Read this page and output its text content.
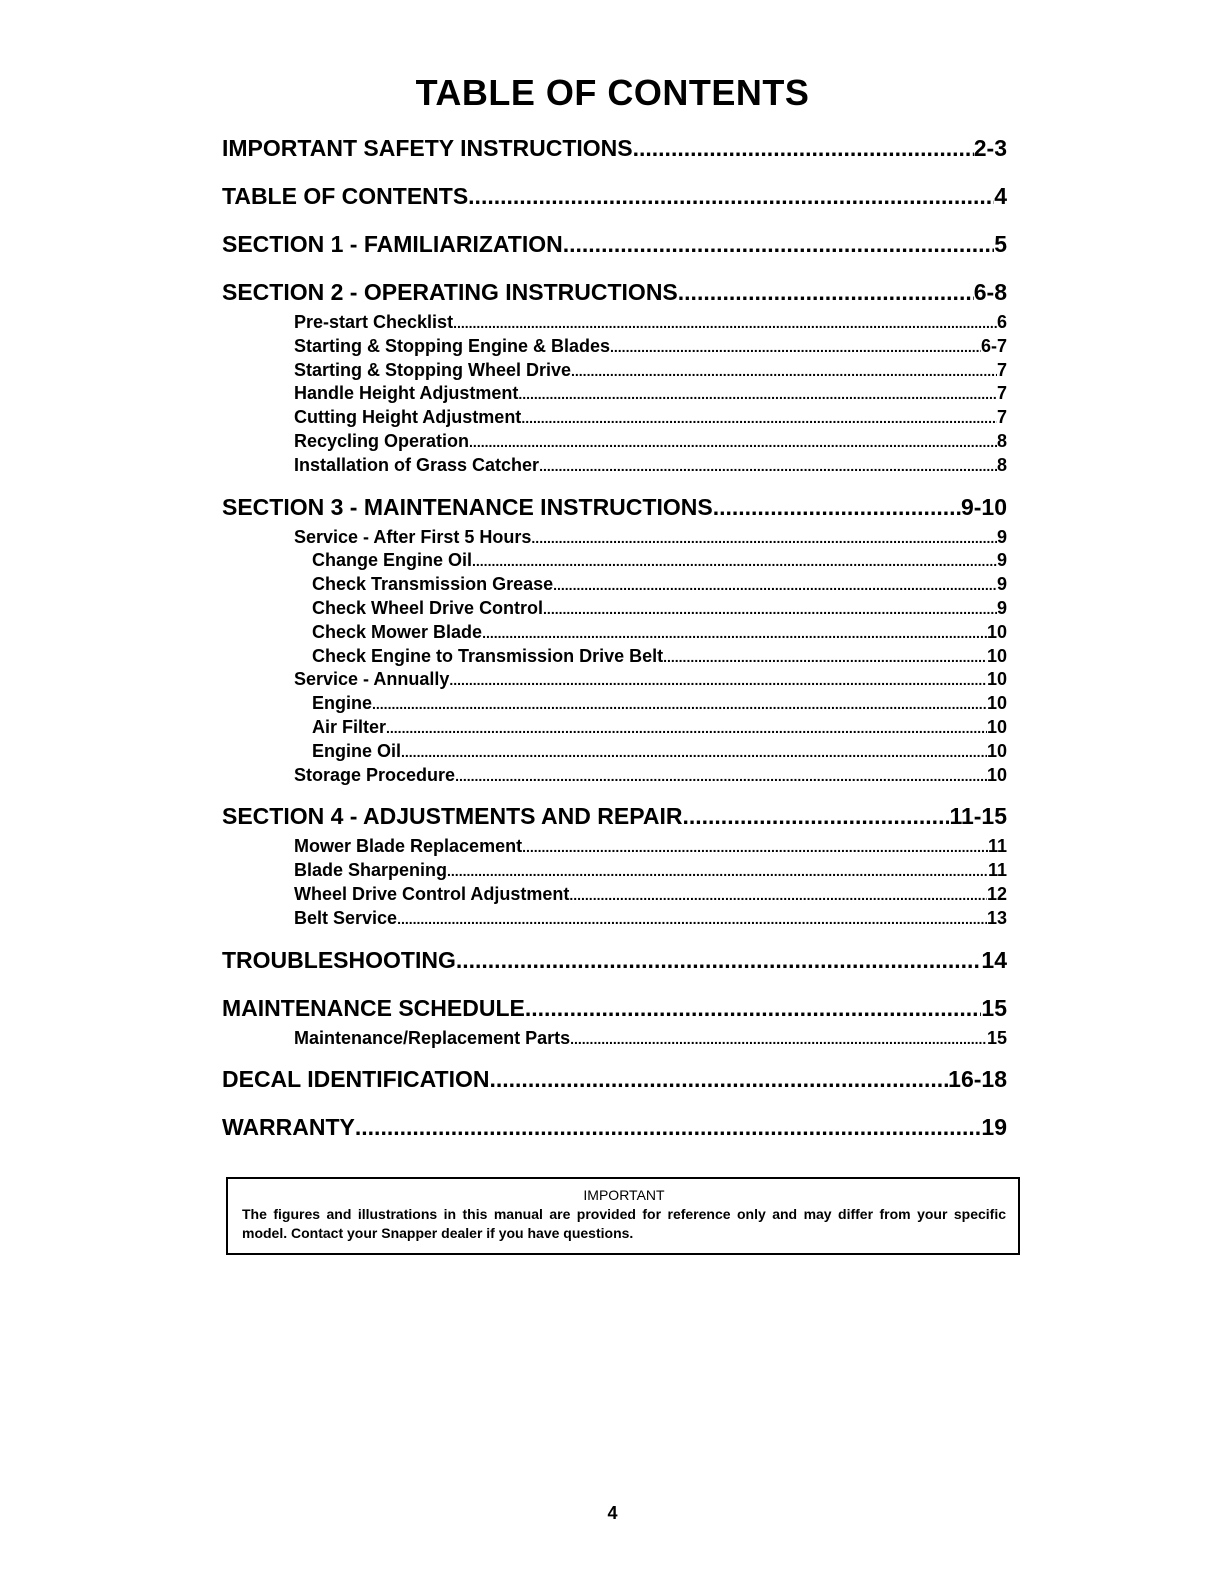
TABLE OF CONTENTS
IMPORTANT SAFETY INSTRUCTIONS .....	2-3
TABLE OF CONTENTS .....	4
SECTION 1 - FAMILIARIZATION .....	5
SECTION 2 - OPERATING INSTRUCTIONS .....	6-8
Pre-start Checklist .....	6
Starting & Stopping Engine & Blades .....	6-7
Starting & Stopping Wheel Drive .....	7
Handle Height Adjustment .....	7
Cutting Height Adjustment .....	7
Recycling Operation .....	8
Installation of Grass Catcher .....	8
SECTION 3 - MAINTENANCE INSTRUCTIONS .....	9-10
Service - After First 5 Hours .....	9
Change Engine Oil .....	9
Check Transmission Grease .....	9
Check Wheel Drive Control .....	9
Check Mower Blade .....	10
Check Engine to Transmission Drive Belt .....	10
Service - Annually .....	10
Engine .....	10
Air Filter .....	10
Engine Oil .....	10
Storage Procedure .....	10
SECTION 4 - ADJUSTMENTS AND REPAIR .....	11-15
Mower Blade Replacement .....	11
Blade Sharpening .....	11
Wheel Drive Control Adjustment .....	12
Belt Service .....	13
TROUBLESHOOTING .....	14
MAINTENANCE SCHEDULE .....	15
Maintenance/Replacement Parts .....	15
DECAL IDENTIFICATION .....	16-18
WARRANTY .....	19
IMPORTANT
The figures and illustrations in this manual are provided for reference only and may differ from your specific model. Contact your Snapper dealer if you have questions.
4
